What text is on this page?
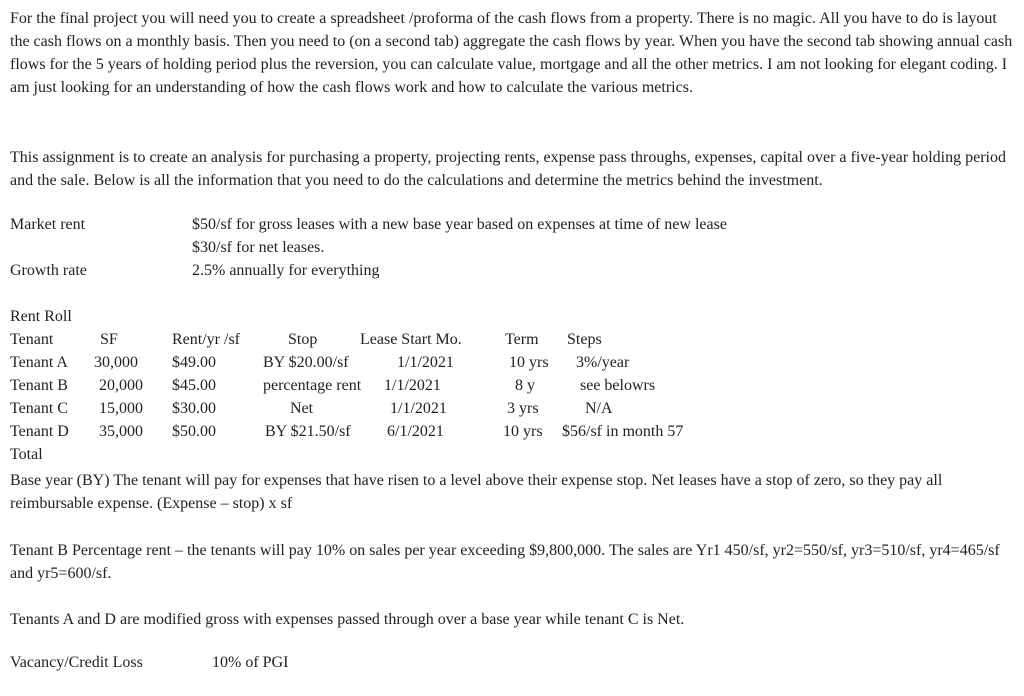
For the final project you will need you to create a spreadsheet /proforma of the cash flows from a property. There is no magic. All you have to do is layout the cash flows on a monthly basis. Then you need to (on a second tab) aggregate the cash flows by year. When you have the second tab showing annual cash flows for the 5 years of holding period plus the reversion, you can calculate value, mortgage and all the other metrics. I am not looking for elegant coding. I am just looking for an understanding of how the cash flows work and how to calculate the various metrics.

This assignment is to create an analysis for purchasing a property, projecting rents, expense pass throughs, expenses, capital over a five-year holding period and the sale. Below is all the information that you need to do the calculations and determine the metrics behind the investment.

Market rent	$50/sf for gross leases with a new base year based on expenses at time of new lease
$30/sf for net leases.
Growth rate	2.5% annually for everything
Rent Roll
Tenant	SF	Rent/yr /sf	Stop	Lease Start Mo.	Term Steps
Tenant A 30,000 $49.00	BY $20.00/sf	1/1/2021	10 yrs 3%/year
Tenant B 20,000 $45.00	percentage rent 1/1/2021	8 y	see belowrs
Tenant C 15,000 $30.00	Net	1/1/2021	3 yrs	N/A
Tenant D 35,000 $50.00	BY $21.50/sf 6/1/2021	10 yrs $56/sf in month 57
Total

Base year (BY) The tenant will pay for expenses that have risen to a level above their expense stop. Net leases have a stop of zero, so they pay all reimbursable expense. (Expense – stop) x sf

Tenant B Percentage rent – the tenants will pay 10% on sales per year exceeding $9,800,000. The sales are Yr1 450/sf, yr2=550/sf, yr3=510/sf, yr4=465/sf and yr5=600/sf.

Tenants A and D are modified gross with expenses passed through over a base year while tenant C is Net.

Vacancy/Credit Loss	10% of PGI
